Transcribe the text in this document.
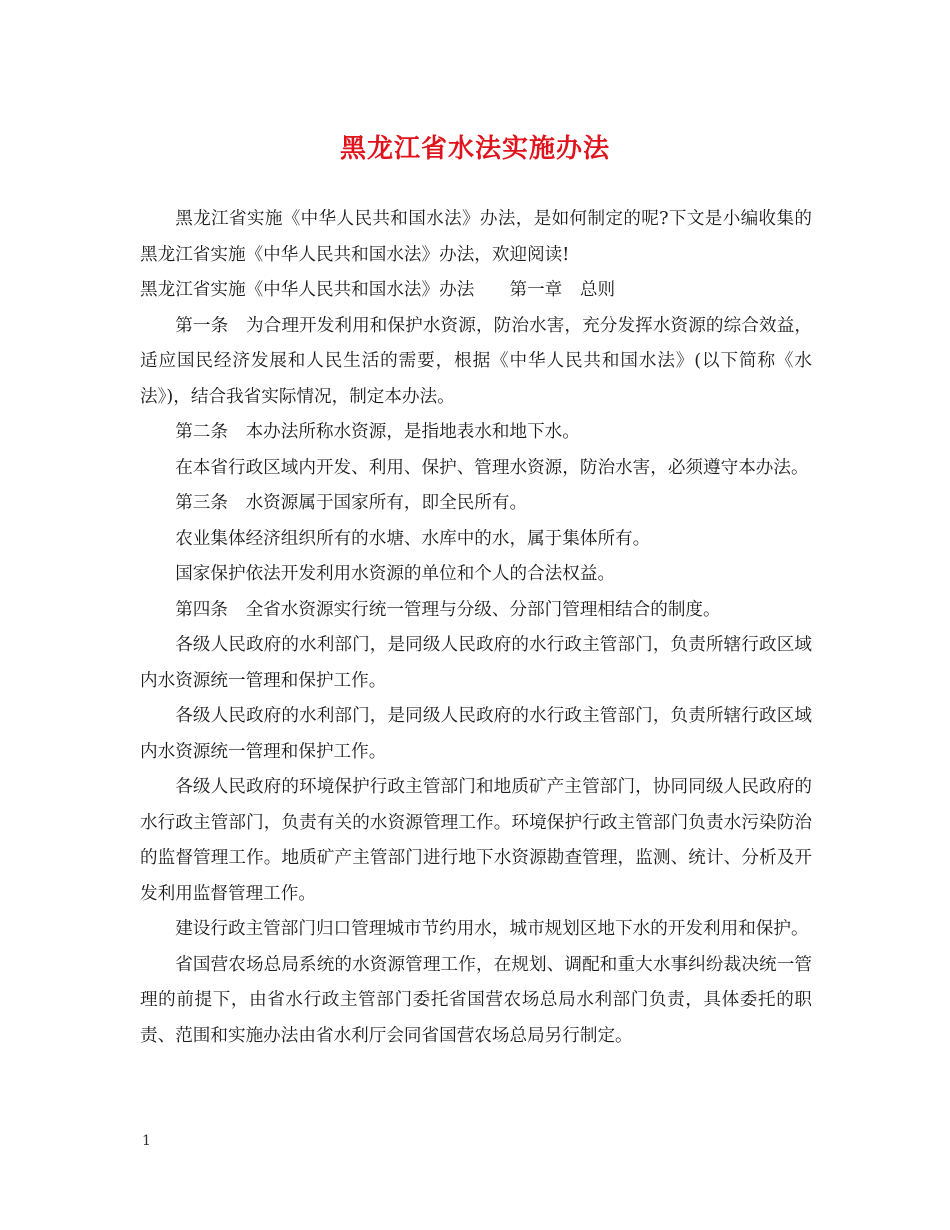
黑龙江省水法实施办法

黑龙江省实施《中华人民共和国水法》办法，是如何制定的呢?下文是小编收集的黑龙江省实施《中华人民共和国水法》办法，欢迎阅读!

黑龙江省实施《中华人民共和国水法》办法　　第一章　总则

第一条　为合理开发利用和保护水资源，防治水害，充分发挥水资源的综合效益，适应国民经济发展和人民生活的需要，根据《中华人民共和国水法》(以下简称《水法》)，结合我省实际情况，制定本办法。

第二条　本办法所称水资源，是指地表水和地下水。

在本省行政区域内开发、利用、保护、管理水资源，防治水害，必须遵守本办法。

第三条　水资源属于国家所有，即全民所有。

农业集体经济组织所有的水塘、水库中的水，属于集体所有。

国家保护依法开发利用水资源的单位和个人的合法权益。

第四条　全省水资源实行统一管理与分级、分部门管理相结合的制度。

各级人民政府的水利部门，是同级人民政府的水行政主管部门，负责所辖行政区域内水资源统一管理和保护工作。

各级人民政府的水利部门，是同级人民政府的水行政主管部门，负责所辖行政区域内水资源统一管理和保护工作。

各级人民政府的环境保护行政主管部门和地质矿产主管部门，协同同级人民政府的水行政主管部门，负责有关的水资源管理工作。环境保护行政主管部门负责水污染防治的监督管理工作。地质矿产主管部门进行地下水资源勘查管理，监测、统计、分析及开发利用监督管理工作。

建设行政主管部门归口管理城市节约用水，城市规划区地下水的开发利用和保护。

省国营农场总局系统的水资源管理工作，在规划、调配和重大水事纠纷裁决统一管理的前提下，由省水行政主管部门委托省国营农场总局水利部门负责，具体委托的职责、范围和实施办法由省水利厅会同省国营农场总局另行制定。

1
